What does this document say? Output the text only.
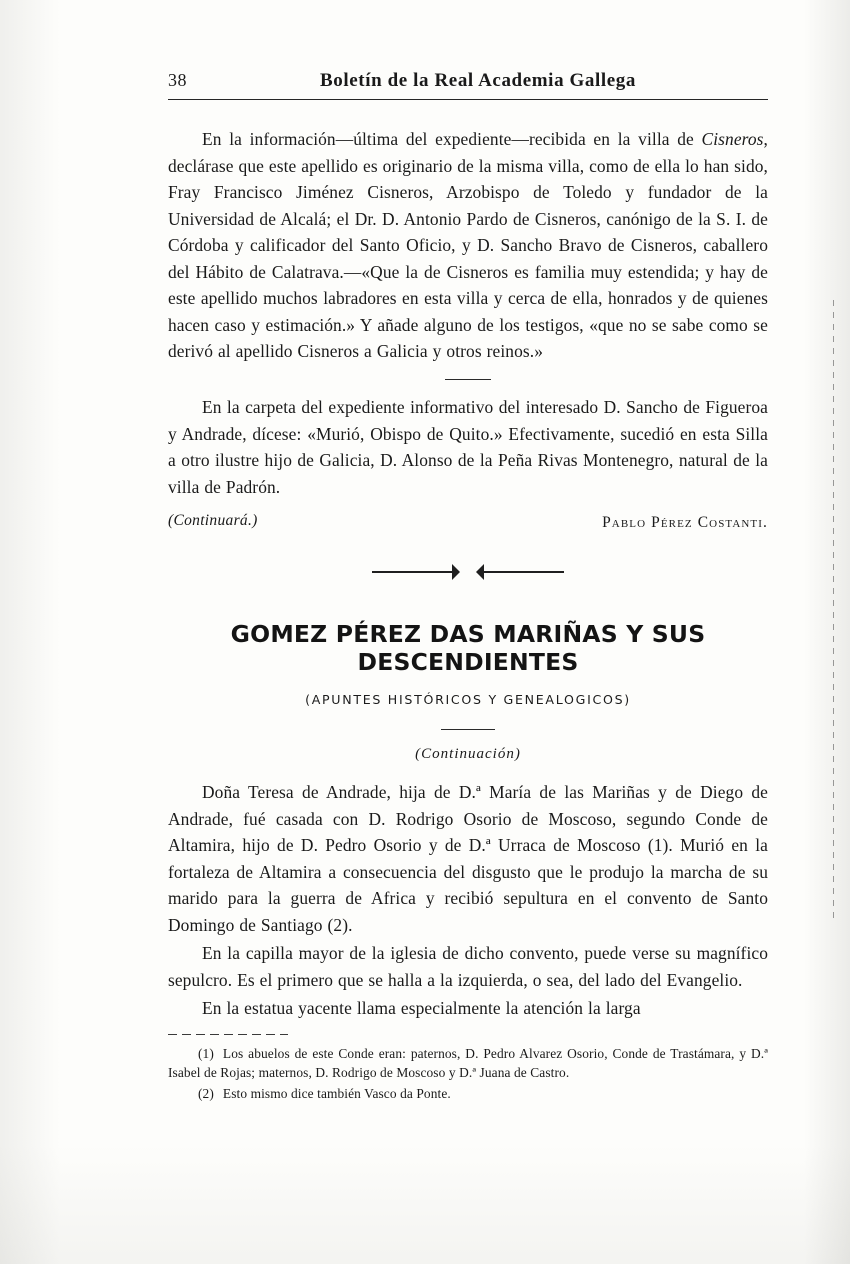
38	Boletín de la Real Academia Gallega

En la información—última del expediente—recibida en la villa de Cisneros, declárase que este apellido es originario de la misma villa, como de ella lo han sido, Fray Francisco Jiménez Cisneros, Arzobispo de Toledo y fundador de la Universidad de Alcalá; el Dr. D. Antonio Pardo de Cisneros, canónigo de la S. I. de Córdoba y calificador del Santo Oficio, y D. Sancho Bravo de Cisneros, caballero del Hábito de Calatrava.—«Que la de Cisneros es familia muy estendida; y hay de este apellido muchos labradores en esta villa y cerca de ella, honrados y de quienes hacen caso y estimación.» Y añade alguno de los testigos, «que no se sabe como se derivó al apellido Cisneros a Galicia y otros reinos.»

En la carpeta del expediente informativo del interesado D. Sancho de Figueroa y Andrade, dícese: «Murió, Obispo de Quito.» Efectivamente, sucedió en esta Silla a otro ilustre hijo de Galicia, D. Alonso de la Peña Rivas Montenegro, natural de la villa de Padrón.

Pablo Pérez Costanti.
(Continuará.)
GOMEZ PÉREZ DAS MARIÑAS Y SUS DESCENDIENTES
(APUNTES HISTÓRICOS Y GENEALOGICOS)
(Continuación)

Doña Teresa de Andrade, hija de D.ª María de las Mariñas y de Diego de Andrade, fué casada con D. Rodrigo Osorio de Moscoso, segundo Conde de Altamira, hijo de D. Pedro Osorio y de D.ª Urraca de Moscoso (1). Murió en la fortaleza de Altamira a consecuencia del disgusto que le produjo la marcha de su marido para la guerra de Africa y recibió sepultura en el convento de Santo Domingo de Santiago (2).

En la capilla mayor de la iglesia de dicho convento, puede verse su magnífico sepulcro. Es el primero que se halla a la izquierda, o sea, del lado del Evangelio.

En la estatua yacente llama especialmente la atención la larga

(1) Los abuelos de este Conde eran: paternos, D. Pedro Alvarez Osorio, Conde de Trastámara, y D.ª Isabel de Rojas; maternos, D. Rodrigo de Moscoso y D.ª Juana de Castro.

(2) Esto mismo dice también Vasco da Ponte.
